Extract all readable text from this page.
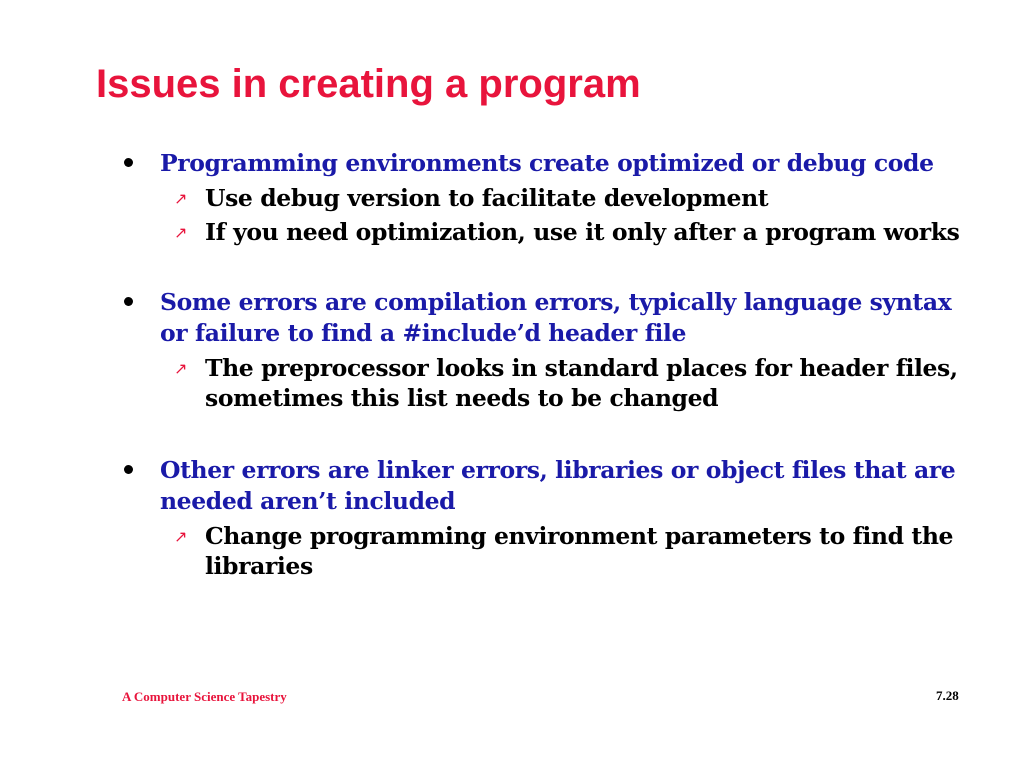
Issues in creating a program
Programming environments create optimized or debug code
↗ Use debug version to facilitate development
↗ If you need optimization, use it only after a program works
Some errors are compilation errors, typically language syntax or failure to find a #include’d header file
↗ The preprocessor looks in standard places for header files, sometimes this list needs to be changed
Other errors are linker errors, libraries or object files that are needed aren’t included
↗ Change programming environment parameters to find the libraries
A Computer Science Tapestry	7.28
